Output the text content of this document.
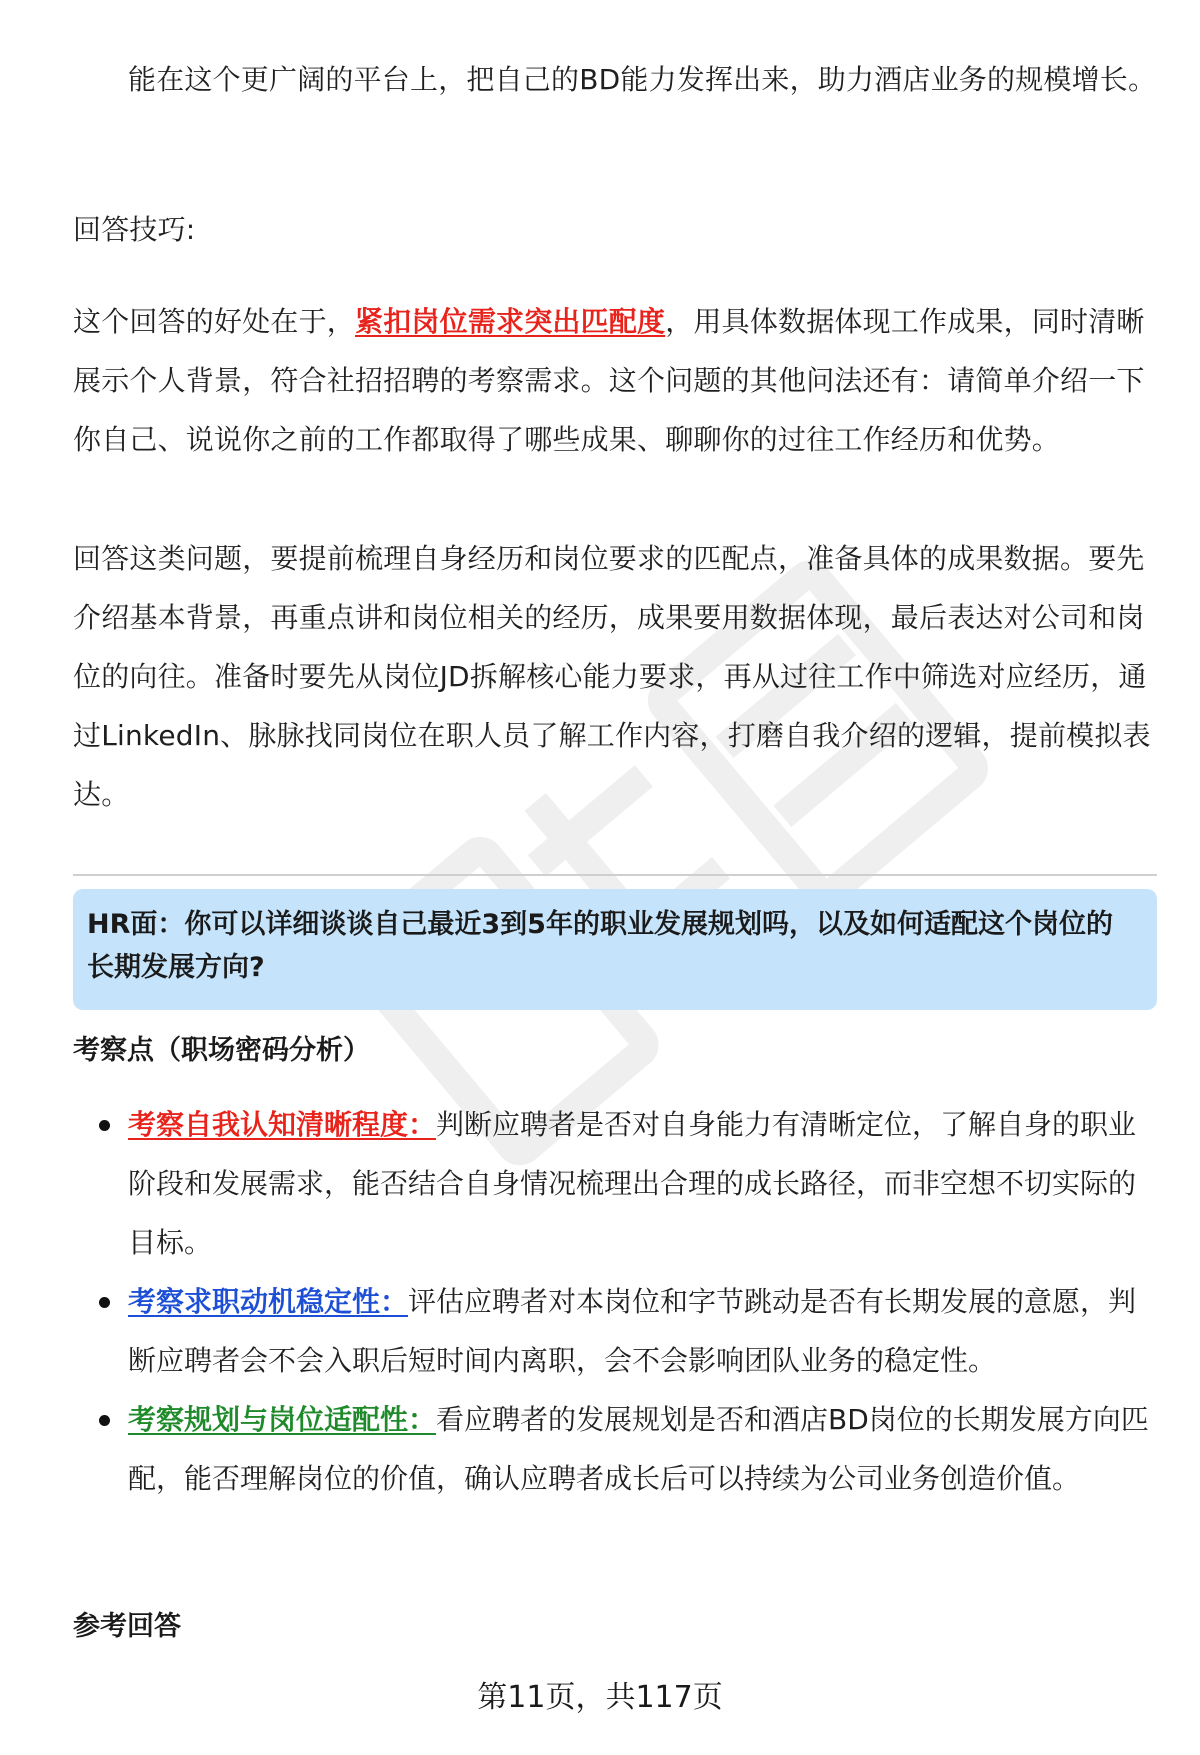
能在这个更广阔的平台上，把自己的BD能力发挥出来，助力酒店业务的规模增长。

回答技巧:

这个回答的好处在于，紧扣岗位需求突出匹配度，用具体数据体现工作成果，同时清晰展示个人背景，符合社招招聘的考察需求。这个问题的其他问法还有：请简单介绍一下你自己、说说你之前的工作都取得了哪些成果、聊聊你的过往工作经历和优势。

回答这类问题，要提前梳理自身经历和岗位要求的匹配点，准备具体的成果数据。要先介绍基本背景，再重点讲和岗位相关的经历，成果要用数据体现，最后表达对公司和岗位的向往。准备时要先从岗位JD拆解核心能力要求，再从过往工作中筛选对应经历，通过LinkedIn、脉脉找同岗位在职人员了解工作内容，打磨自我介绍的逻辑，提前模拟表达。

HR面：你可以详细谈谈自己最近3到5年的职业发展规划吗，以及如何适配这个岗位的长期发展方向?

考察点（职场密码分析）

考察自我认知清晰程度：判断应聘者是否对自身能力有清晰定位，了解自身的职业阶段和发展需求，能否结合自身情况梳理出合理的成长路径，而非空想不切实际的目标。
考察求职动机稳定性：评估应聘者对本岗位和字节跳动是否有长期发展的意愿，判断应聘者会不会入职后短时间内离职，会不会影响团队业务的稳定性。
考察规划与岗位适配性：看应聘者的发展规划是否和酒店BD岗位的长期发展方向匹配，能否理解岗位的价值，确认应聘者成长后可以持续为公司业务创造价值。

参考回答

第11页，共117页
